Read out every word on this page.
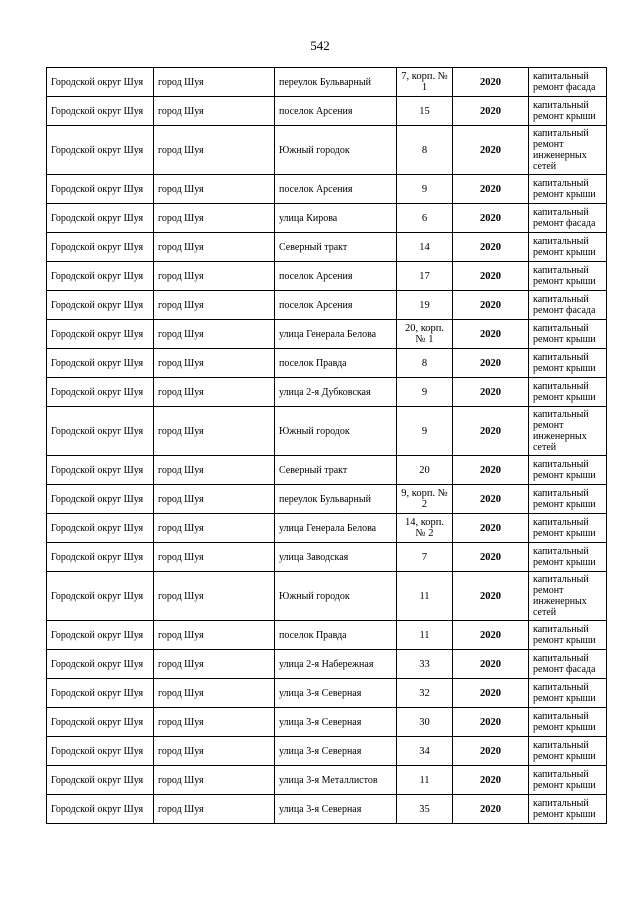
542
Городской округ Шуя	город Шуя	переулок Бульварный	7, корп. № 1	2020	капитальный ремонт фасада
Городской округ Шуя	город Шуя	поселок Арсения	15	2020	капитальный ремонт крыши
Городской округ Шуя	город Шуя	Южный городок	8	2020	капитальный ремонт инженерных сетей
Городской округ Шуя	город Шуя	поселок Арсения	9	2020	капитальный ремонт крыши
Городской округ Шуя	город Шуя	улица Кирова	6	2020	капитальный ремонт фасада
Городской округ Шуя	город Шуя	Северный тракт	14	2020	капитальный ремонт крыши
Городской округ Шуя	город Шуя	поселок Арсения	17	2020	капитальный ремонт крыши
Городской округ Шуя	город Шуя	поселок Арсения	19	2020	капитальный ремонт фасада
Городской округ Шуя	город Шуя	улица Генерала Белова	20, корп. № 1	2020	капитальный ремонт крыши
Городской округ Шуя	город Шуя	поселок Правда	8	2020	капитальный ремонт крыши
Городской округ Шуя	город Шуя	улица 2-я Дубковская	9	2020	капитальный ремонт крыши
Городской округ Шуя	город Шуя	Южный городок	9	2020	капитальный ремонт инженерных сетей
Городской округ Шуя	город Шуя	Северный тракт	20	2020	капитальный ремонт крыши
Городской округ Шуя	город Шуя	переулок Бульварный	9, корп. № 2	2020	капитальный ремонт крыши
Городской округ Шуя	город Шуя	улица Генерала Белова	14, корп. № 2	2020	капитальный ремонт крыши
Городской округ Шуя	город Шуя	улица Заводская	7	2020	капитальный ремонт крыши
Городской округ Шуя	город Шуя	Южный городок	11	2020	капитальный ремонт инженерных сетей
Городской округ Шуя	город Шуя	поселок Правда	11	2020	капитальный ремонт крыши
Городской округ Шуя	город Шуя	улица 2-я Набережная	33	2020	капитальный ремонт фасада
Городской округ Шуя	город Шуя	улица 3-я Северная	32	2020	капитальный ремонт крыши
Городской округ Шуя	город Шуя	улица 3-я Северная	30	2020	капитальный ремонт крыши
Городской округ Шуя	город Шуя	улица 3-я Северная	34	2020	капитальный ремонт крыши
Городской округ Шуя	город Шуя	улица 3-я Металлистов	11	2020	капитальный ремонт крыши
Городской округ Шуя	город Шуя	улица 3-я Северная	35	2020	капитальный ремонт крыши
